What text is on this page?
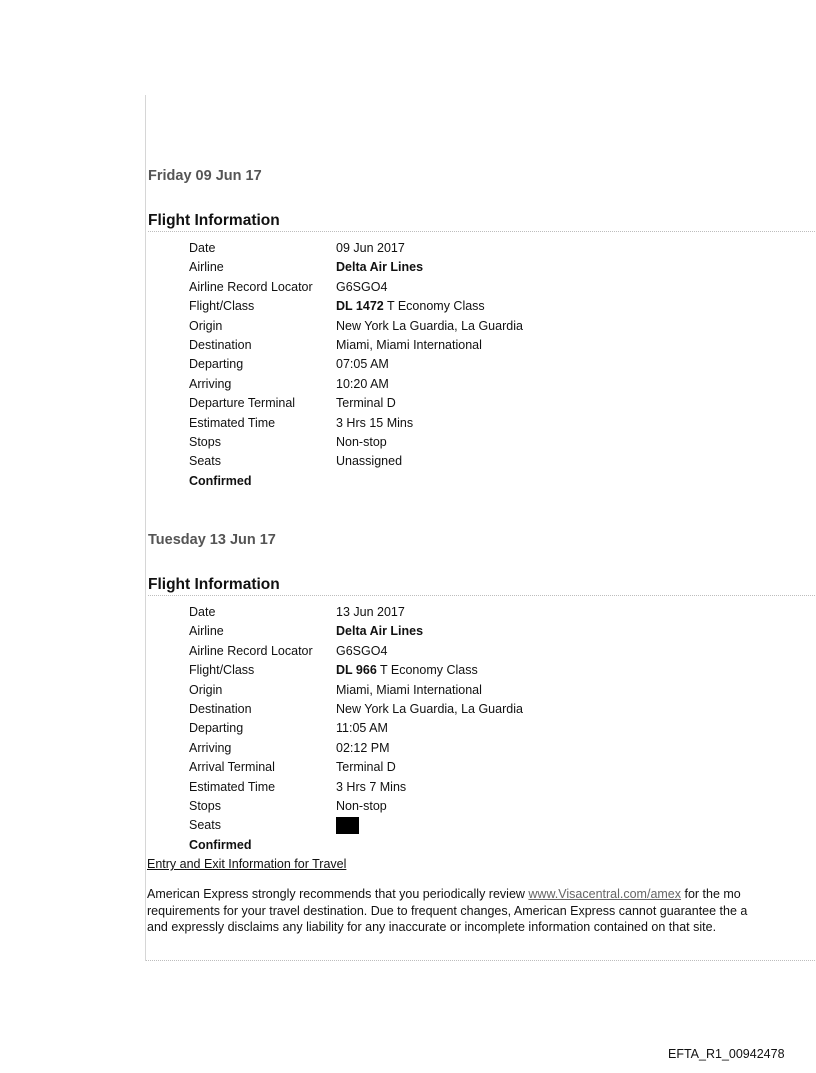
Friday 09 Jun 17
Flight Information
Date	09 Jun 2017
Airline	Delta Air Lines
Airline Record Locator G6SGO4
Flight/Class	DL 1472 T Economy Class
Origin	New York La Guardia, La Guardia
Destination	Miami, Miami International
Departing	07:05 AM
Arriving	10:20 AM
Departure Terminal	Terminal D
Estimated Time	3 Hrs 15 Mins
Stops	Non-stop
Seats	Unassigned
Confirmed
Tuesday 13 Jun 17
Flight Information
Date	13 Jun 2017
Airline	Delta Air Lines
Airline Record Locator G6SGO4
Flight/Class	DL 966 T Economy Class
Origin	Miami, Miami International
Destination	New York La Guardia, La Guardia
Departing	11:05 AM
Arriving	02:12 PM
Arrival Terminal	Terminal D
Estimated Time	3 Hrs 7 Mins
Stops	Non-stop
Seats
Confirmed
Entry and Exit Information for Travel
American Express strongly recommends that you periodically review www.Visacentral.com/amex for the mo
requirements for your travel destination. Due to frequent changes, American Express cannot guarantee the a
and expressly disclaims any liability for any inaccurate or incomplete information contained on that site.
EFTA_R1_00942478
